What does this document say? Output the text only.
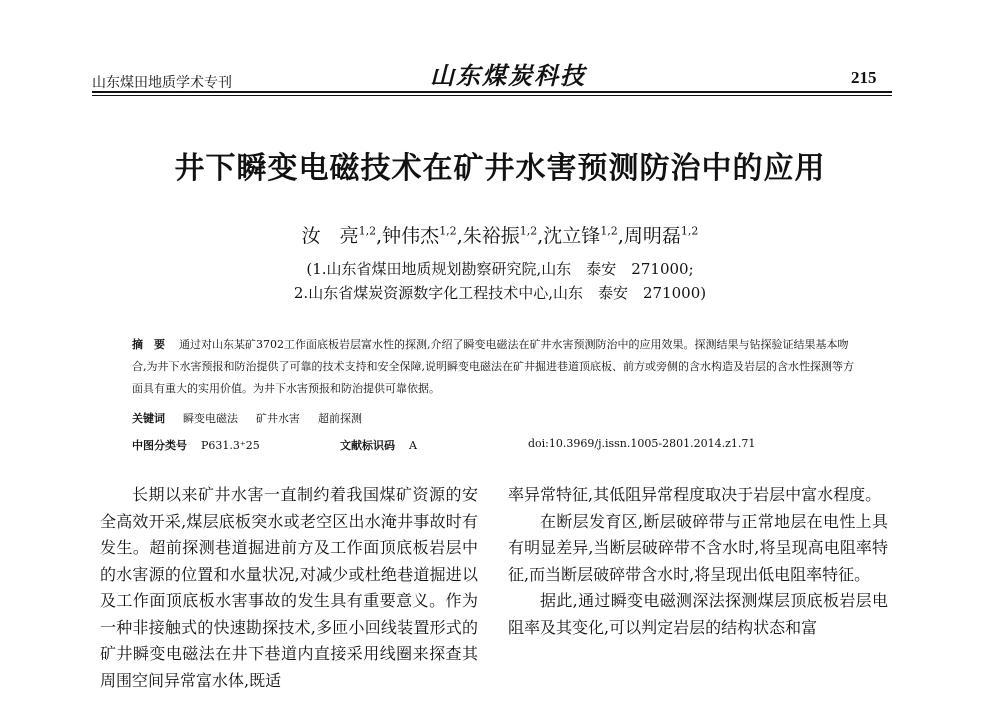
山东煤田地质学术专刊	山东煤炭科技	215
井下瞬变电磁技术在矿井水害预测防治中的应用
汝　亮$^{1,2}$,钟伟杰$^{1,2}$,朱裕振$^{1,2}$,沈立锋$^{1,2}$,周明磊$^{1,2}$
(1.山东省煤田地质规划勘察研究院,山东　泰安　271000;
2.山东省煤炭资源数字化工程技术中心,山东　泰安　271000)
摘　要 通过对山东某矿3702工作面底板岩层富水性的探测,介绍了瞬变电磁法在矿井水害预测防治中的应用效果。探测结果与钻探验证结果基本吻合,为井下水害预报和防治提供了可靠的技术支持和安全保障,说明瞬变电磁法在矿井掘进巷道顶底板、前方或旁侧的含水构造及岩层的含水性探测等方面具有重大的实用价值。为井下水害预报和防治提供可靠依据。
关键词 瞬变电磁法 矿井水害 超前探测
中图分类号 P631.3⁺25	文献标识码 A	doi:10.3969/j.issn.1005-2801.2014.z1.71

长期以来矿井水害一直制约着我国煤矿资源的安全高效开采,煤层底板突水或老空区出水淹井事故时有发生。超前探测巷道掘进前方及工作面顶底板岩层中的水害源的位置和水量状况,对减少或杜绝巷道掘进以及工作面顶底板水害事故的发生具有重要意义。作为一种非接触式的快速勘探技术,多匝小回线装置形式的矿井瞬变电磁法在井下巷道内直接采用线圈来探查其周围空间异常富水体,既适

率异常特征,其低阻异常程度取决于岩层中富水程度。

在断层发育区,断层破碎带与正常地层在电性上具有明显差异,当断层破碎带不含水时,将呈现高电阻率特征,而当断层破碎带含水时,将呈现出低电阻率特征。

据此,通过瞬变电磁测深法探测煤层顶底板岩层电阻率及其变化,可以判定岩层的结构状态和富
